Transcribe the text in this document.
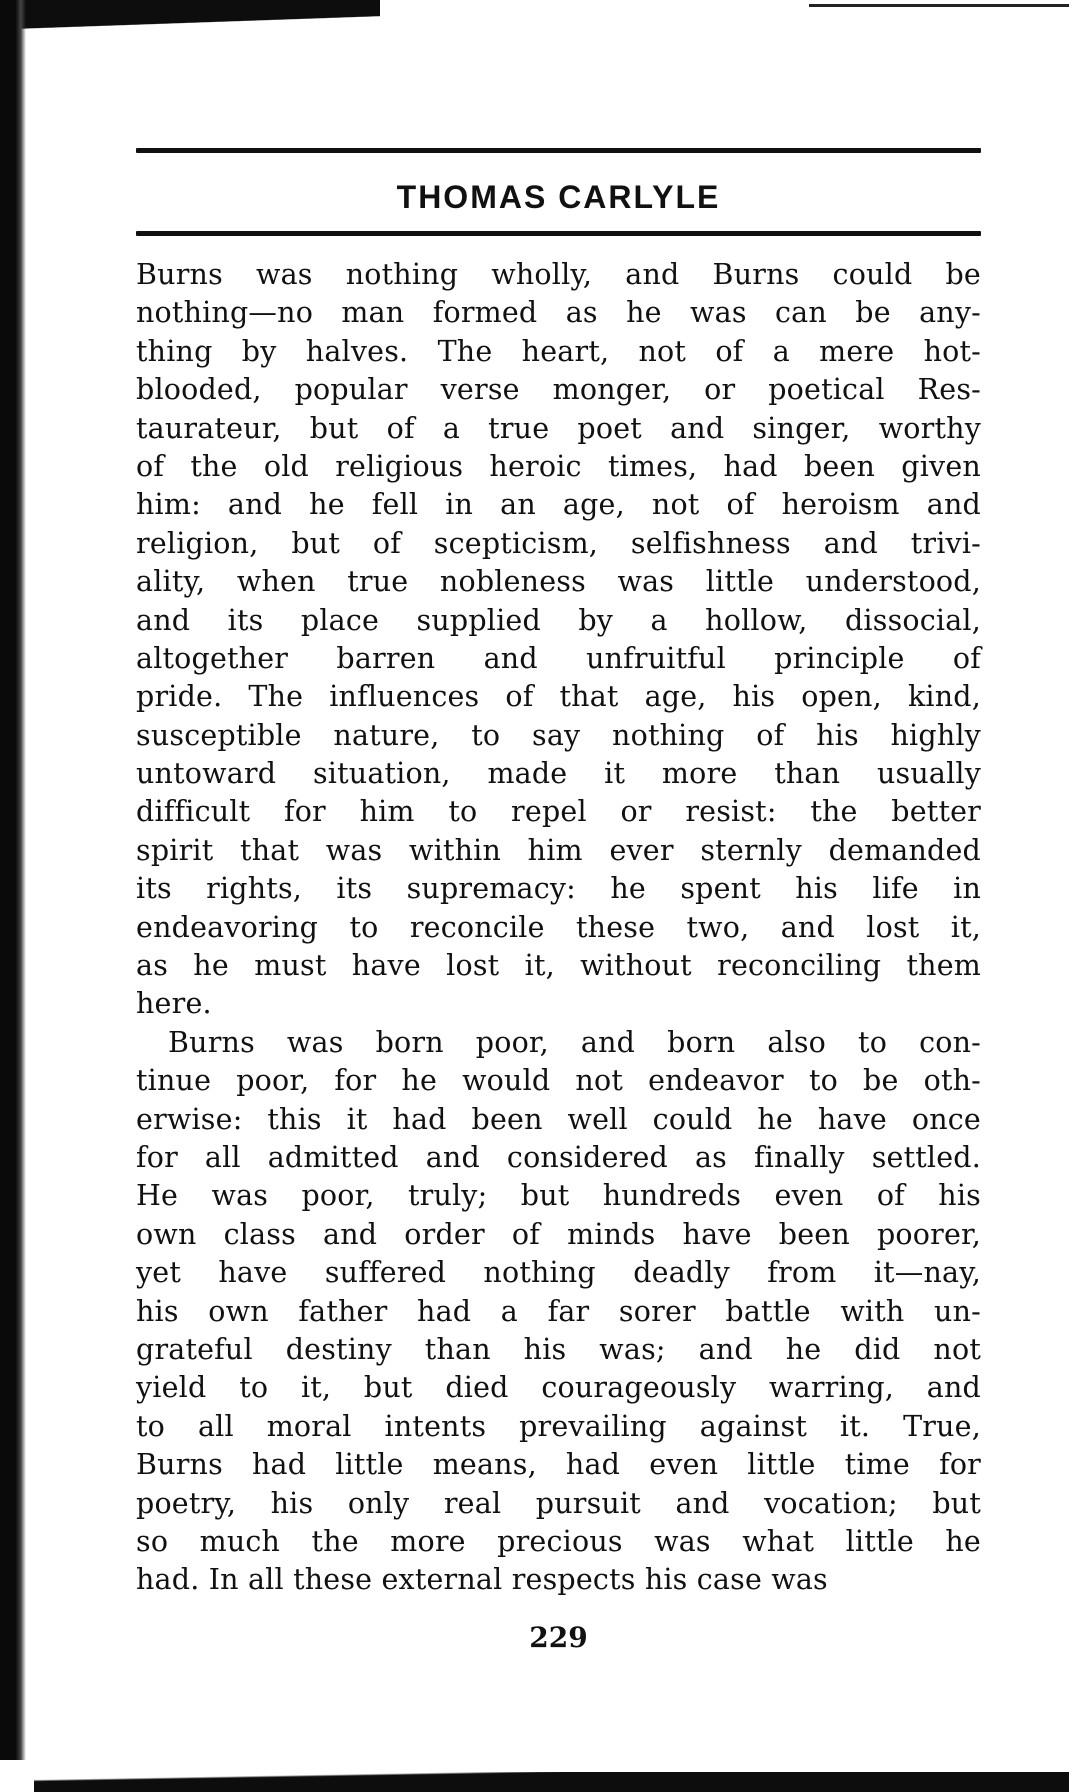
THOMAS CARLYLE
Burns was nothing wholly, and Burns could be
nothing—no man formed as he was can be any-
thing by halves. The heart, not of a mere hot-
blooded, popular verse monger, or poetical Res-
taurateur, but of a true poet and singer, worthy
of the old religious heroic times, had been given
him: and he fell in an age, not of heroism and
religion, but of scepticism, selfishness and trivi-
ality, when true nobleness was little understood,
and its place supplied by a hollow, dissocial,
altogether barren and unfruitful principle of
pride. The influences of that age, his open, kind,
susceptible nature, to say nothing of his highly
untoward situation, made it more than usually
difficult for him to repel or resist: the better
spirit that was within him ever sternly demanded
its rights, its supremacy: he spent his life in
endeavoring to reconcile these two, and lost it,
as he must have lost it, without reconciling them
here.
Burns was born poor, and born also to con-
tinue poor, for he would not endeavor to be oth-
erwise: this it had been well could he have once
for all admitted and considered as finally settled.
He was poor, truly; but hundreds even of his
own class and order of minds have been poorer,
yet have suffered nothing deadly from it—nay,
his own father had a far sorer battle with un-
grateful destiny than his was; and he did not
yield to it, but died courageously warring, and
to all moral intents prevailing against it. True,
Burns had little means, had even little time for
poetry, his only real pursuit and vocation; but
so much the more precious was what little he
had. In all these external respects his case was
229
